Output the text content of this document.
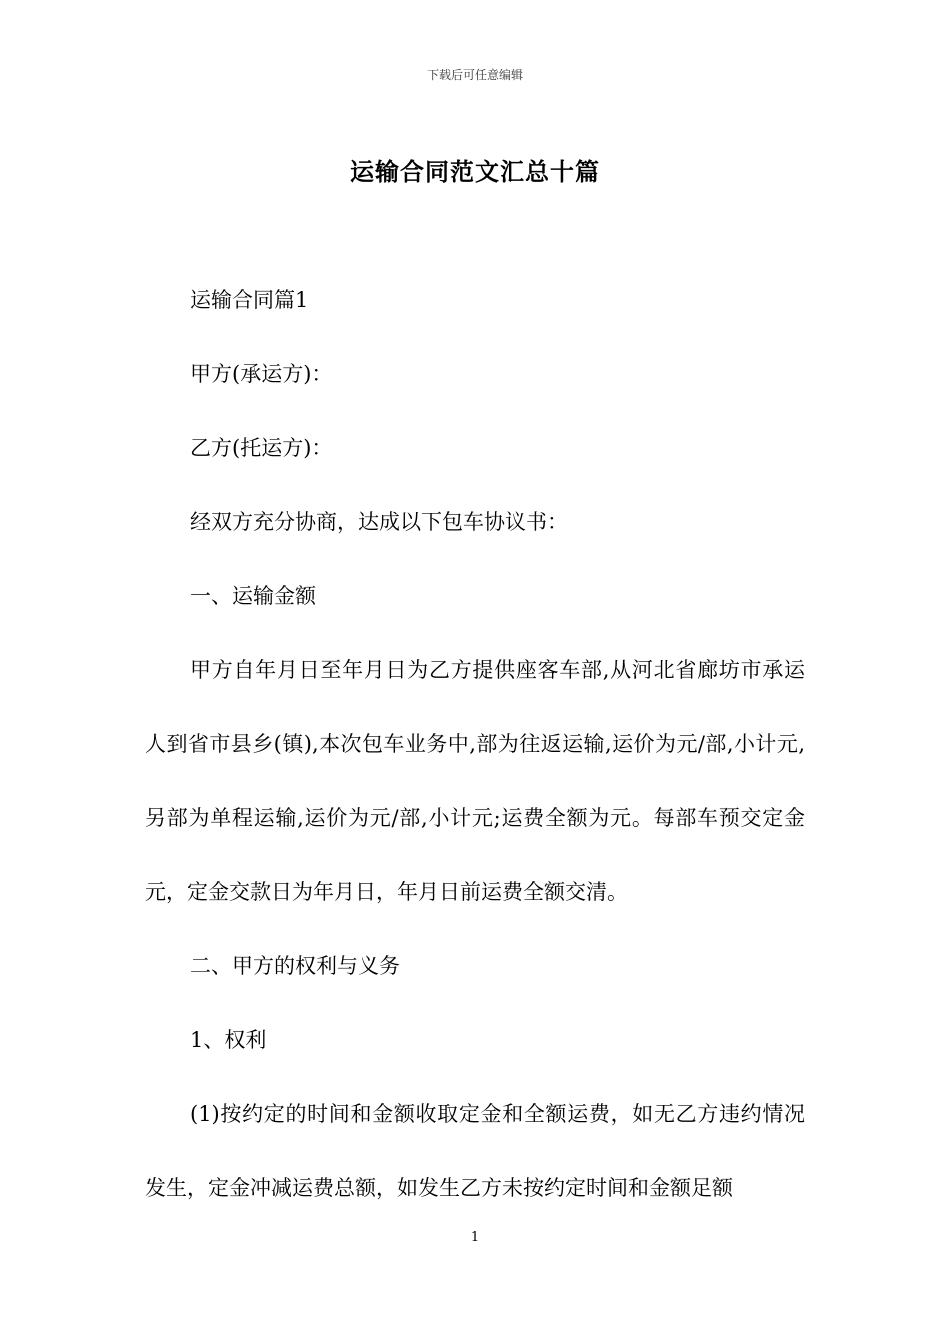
下载后可任意编辑
运输合同范文汇总十篇

运输合同篇1

甲方(承运方)：

乙方(托运方)：

经双方充分协商，达成以下包车协议书：

一、运输金额

甲方自年月日至年月日为乙方提供座客车部,从河北省廊坊市承运人到省市县乡(镇),本次包车业务中,部为往返运输,运价为元/部,小计元,另部为单程运输,运价为元/部,小计元;运费全额为元。每部车预交定金元，定金交款日为年月日，年月日前运费全额交清。

二、甲方的权利与义务

1、权利

(1)按约定的时间和金额收取定金和全额运费，如无乙方违约情况发生，定金冲减运费总额，如发生乙方未按约定时间和金额足额

1
